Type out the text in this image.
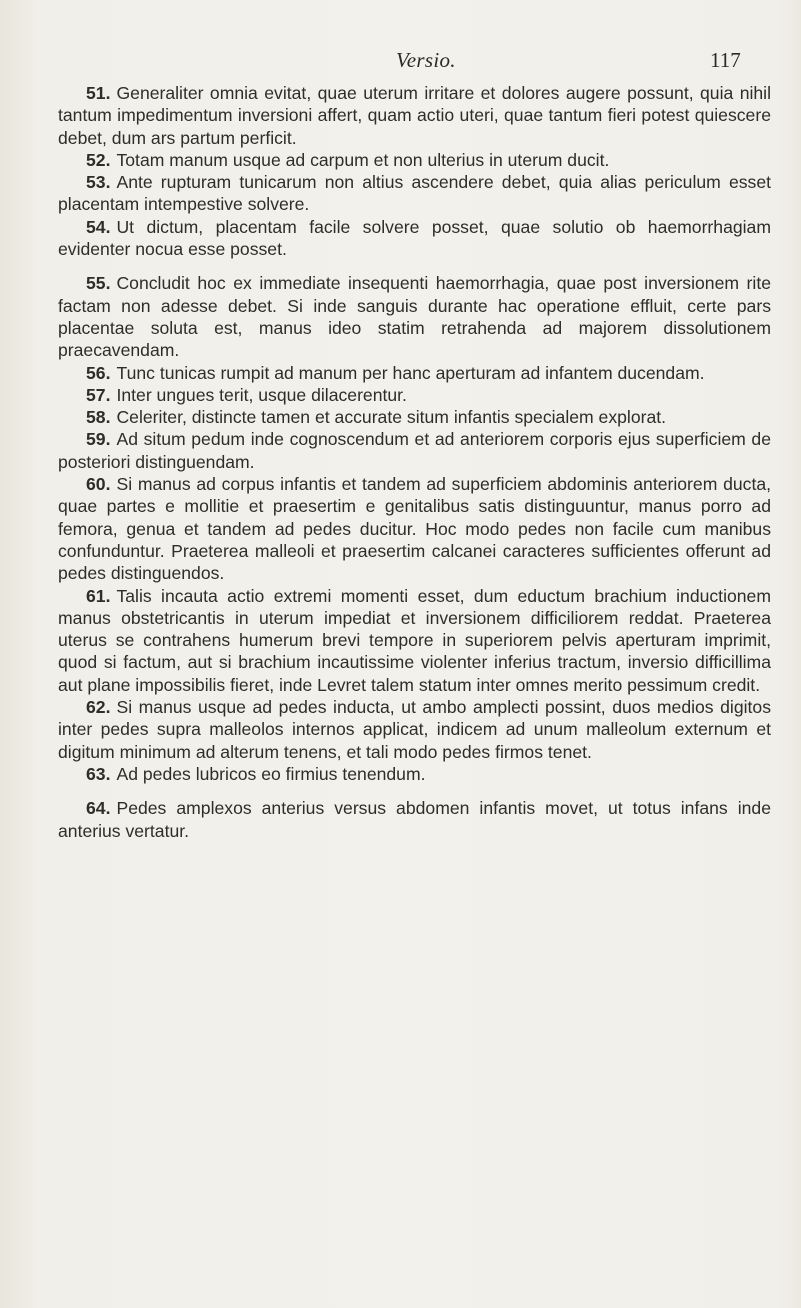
Versio.	117

51. Generaliter omnia evitat, quae uterum irritare et dolores augere possunt, quia nihil tantum impedimentum inversioni affert, quam actio uteri, quae tantum fieri potest quiescere debet, dum ars partum perficit.

52. Totam manum usque ad carpum et non ulterius in uterum ducit.

53. Ante rupturam tunicarum non altius ascendere debet, quia alias periculum esset placentam intempestive solvere.

54. Ut dictum, placentam facile solvere posset, quae solutio ob haemorrhagiam evidenter nocua esse posset.

55. Concludit hoc ex immediate insequenti haemorrhagia, quae post inversionem rite factam non adesse debet. Si inde sanguis durante hac operatione effluit, certe pars placentae soluta est, manus ideo statim retrahenda ad majorem dissolutionem praecavendam.

56. Tunc tunicas rumpit ad manum per hanc aperturam ad infantem ducendam.

57. Inter ungues terit, usque dilacerentur.

58. Celeriter, distincte tamen et accurate situm infantis specialem explorat.

59. Ad situm pedum inde cognoscendum et ad anteriorem corporis ejus superficiem de posteriori distinguendam.

60. Si manus ad corpus infantis et tandem ad superficiem abdominis anteriorem ducta, quae partes e mollitie et praesertim e genitalibus satis distinguuntur, manus porro ad femora, genua et tandem ad pedes ducitur. Hoc modo pedes non facile cum manibus confunduntur. Praeterea malleoli et praesertim calcanei caracteres sufficientes offerunt ad pedes distinguendos.

61. Talis incauta actio extremi momenti esset, dum eductum brachium inductionem manus obstetricantis in uterum impediat et inversionem difficiliorem reddat. Praeterea uterus se contrahens humerum brevi tempore in superiorem pelvis aperturam imprimit, quod si factum, aut si brachium incautissime violenter inferius tractum, inversio difficillima aut plane impossibilis fieret, inde Levret talem statum inter omnes merito pessimum credit.

62. Si manus usque ad pedes inducta, ut ambo amplecti possint, duos medios digitos inter pedes supra malleolos internos applicat, indicem ad unum malleolum externum et digitum minimum ad alterum tenens, et tali modo pedes firmos tenet.

63. Ad pedes lubricos eo firmius tenendum.

64. Pedes amplexos anterius versus abdomen infantis movet, ut totus infans inde anterius vertatur.
